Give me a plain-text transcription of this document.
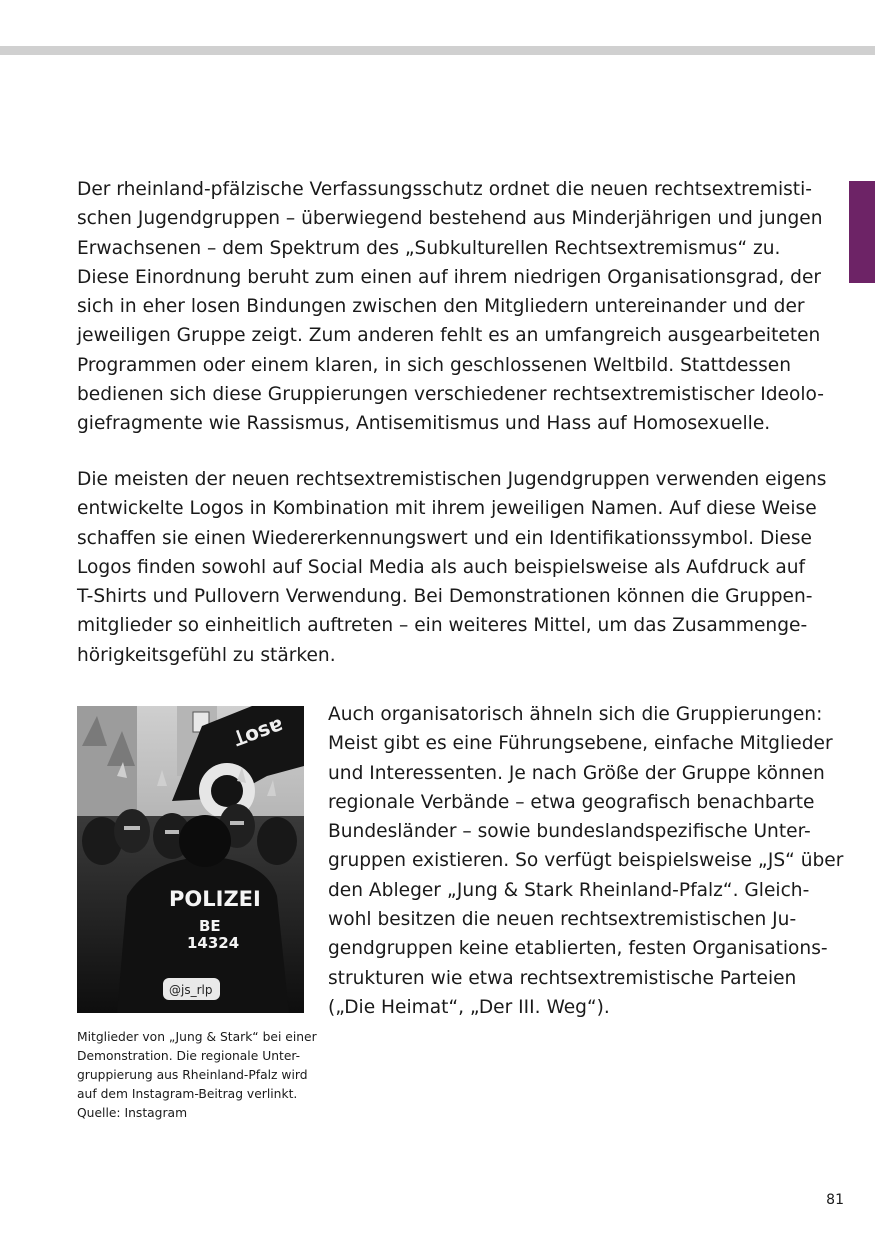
Der rheinland-pfälzische Verfassungsschutz ordnet die neuen rechtsextremisti-
schen Jugendgruppen – überwiegend bestehend aus Minderjährigen und jungen
Erwachsenen – dem Spektrum des „Subkulturellen Rechtsextremismus“ zu.
Diese Einordnung beruht zum einen auf ihrem niedrigen Organisationsgrad, der
sich in eher losen Bindungen zwischen den Mitgliedern untereinander und der
jeweiligen Gruppe zeigt. Zum anderen fehlt es an umfangreich ausgearbeiteten
Programmen oder einem klaren, in sich geschlossenen Weltbild. Stattdessen
bedienen sich diese Gruppierungen verschiedener rechtsextremistischer Ideolo-
giefragmente wie Rassismus, Antisemitismus und Hass auf Homosexuelle.

Die meisten der neuen rechtsextremistischen Jugendgruppen verwenden eigens
entwickelte Logos in Kombination mit ihrem jeweiligen Namen. Auf diese Weise
schaffen sie einen Wiedererkennungswert und ein Identifikationssymbol. Diese
Logos finden sowohl auf Social Media als auch beispielsweise als Aufdruck auf
T-Shirts und Pullovern Verwendung. Bei Demonstrationen können die Gruppen-
mitglieder so einheitlich auftreten – ein weiteres Mittel, um das Zusammenge-
hörigkeitsgefühl zu stärken.

Ʇosɐ
POLIZEI
BE
14324
@js_rlp

Auch organisatorisch ähneln sich die Gruppierungen:
Meist gibt es eine Führungsebene, einfache Mitglieder
und Interessenten. Je nach Größe der Gruppe können
regionale Verbände – etwa geografisch benachbarte
Bundesländer – sowie bundeslandspezifische Unter-
gruppen existieren. So verfügt beispielsweise „JS“ über
den Ableger „Jung & Stark Rheinland-Pfalz“. Gleich-
wohl besitzen die neuen rechtsextremistischen Ju-
gendgruppen keine etablierten, festen Organisations-
strukturen wie etwa rechtsextremistische Parteien
(„Die Heimat“, „Der III. Weg“).

Mitglieder von „Jung & Stark“ bei einer
Demonstration. Die regionale Unter-
gruppierung aus Rheinland-Pfalz wird
auf dem Instagram-Beitrag verlinkt.
Quelle: Instagram

81
